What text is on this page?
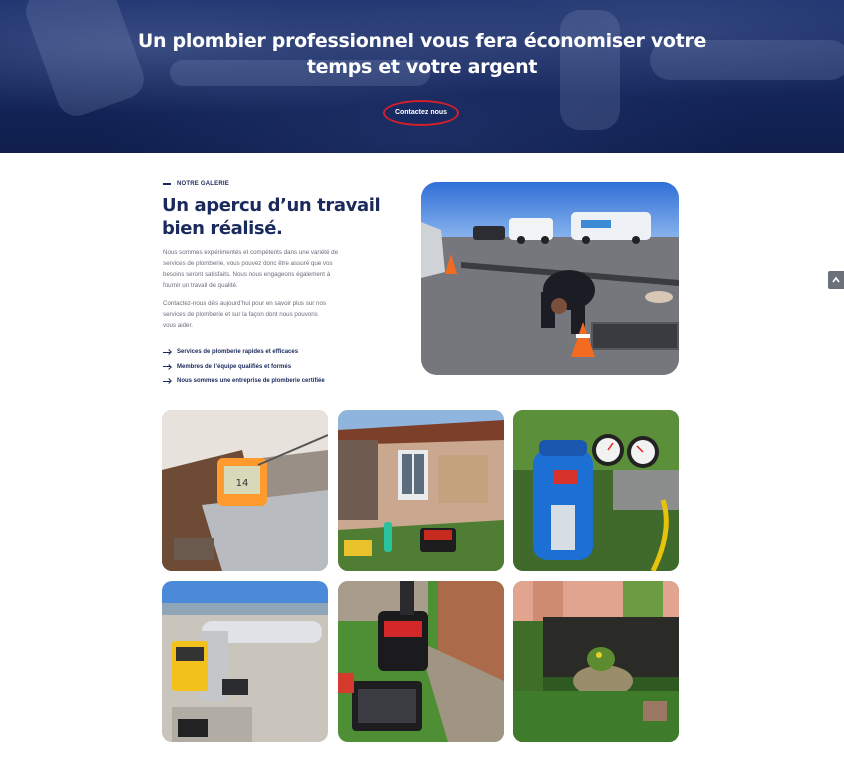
Un plombier professionnel vous fera économiser votre
temps et votre argent
Contactez nous
NOTRE GALERIE
Un apercu d’un travail
bien réalisé.

Nous sommes expérimentés et compétents dans une variété de
services de plomberie, vous pouvez donc être assuré que vos
besoins seront satisfaits. Nous nous engageons également à
fournir un travail de qualité.

Contactez-nous dès aujourd’hui pour en savoir plus sur nos
services de plomberie et sur la façon dont nous pouvons
vous aider.

Services de plomberie rapides et efficaces
Membres de l’équipe qualifiés et formés
Nous sommes une entreprise de plomberie certifiée
14
